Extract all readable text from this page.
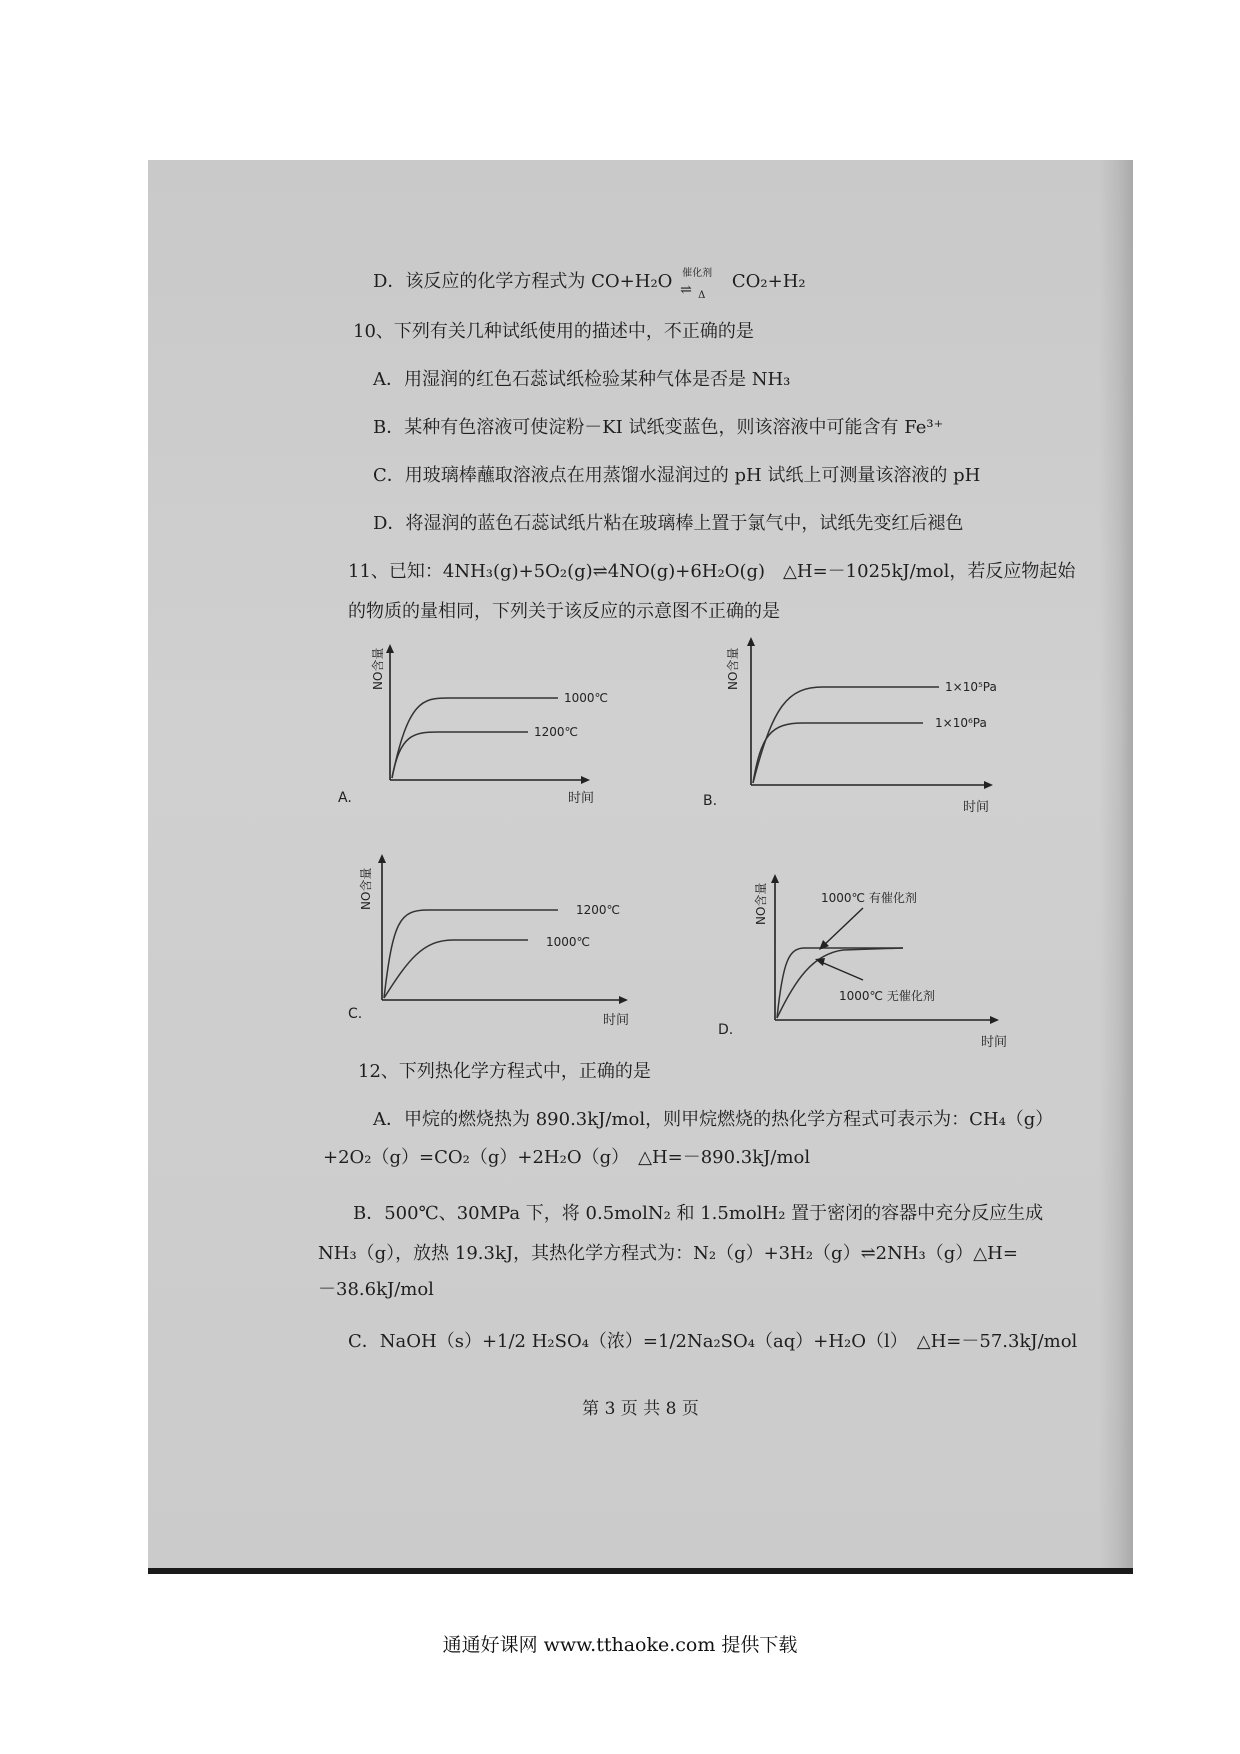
D．该反应的化学方程式为 CO+H₂O 催化剂
⇌ Δ
CO₂+H₂
10、下列有关几种试纸使用的描述中，不正确的是
A．用湿润的红色石蕊试纸检验某种气体是否是 NH₃
B．某种有色溶液可使淀粉－KI 试纸变蓝色，则该溶液中可能含有 Fe³⁺
C．用玻璃棒蘸取溶液点在用蒸馏水湿润过的 pH 试纸上可测量该溶液的 pH
D．将湿润的蓝色石蕊试纸片粘在玻璃棒上置于氯气中，试纸先变红后褪色
11、已知：4NH₃(g)+5O₂(g)⇌4NO(g)+6H₂O(g)　△H=－1025kJ/mol，若反应物起始
的物质的量相同，下列关于该反应的示意图不正确的是
NO含量
1000℃
1200℃
A.	时间
NO含量	1×10⁵Pa
1×10⁶Pa
B.	时间
NO含量	1200℃
1000℃
C.	时间
NO含量	1000℃ 有催化剂
1000℃ 无催化剂
D.
时间
12、下列热化学方程式中，正确的是
A．甲烷的燃烧热为 890.3kJ/mol，则甲烷燃烧的热化学方程式可表示为：CH₄（g）
+2O₂（g）=CO₂（g）+2H₂O（g）　△H=－890.3kJ/mol
B．500℃、30MPa 下，将 0.5molN₂ 和 1.5molH₂ 置于密闭的容器中充分反应生成
NH₃（g），放热 19.3kJ，其热化学方程式为：N₂（g）+3H₂（g）⇌2NH₃（g）△H=
－38.6kJ/mol
C．NaOH（s）+1/2 H₂SO₄（浓）=1/2Na₂SO₄（aq）+H₂O（l）　△H=－57.3kJ/mol
第 3 页 共 8 页
通通好课网 www.tthaoke.com 提供下载
